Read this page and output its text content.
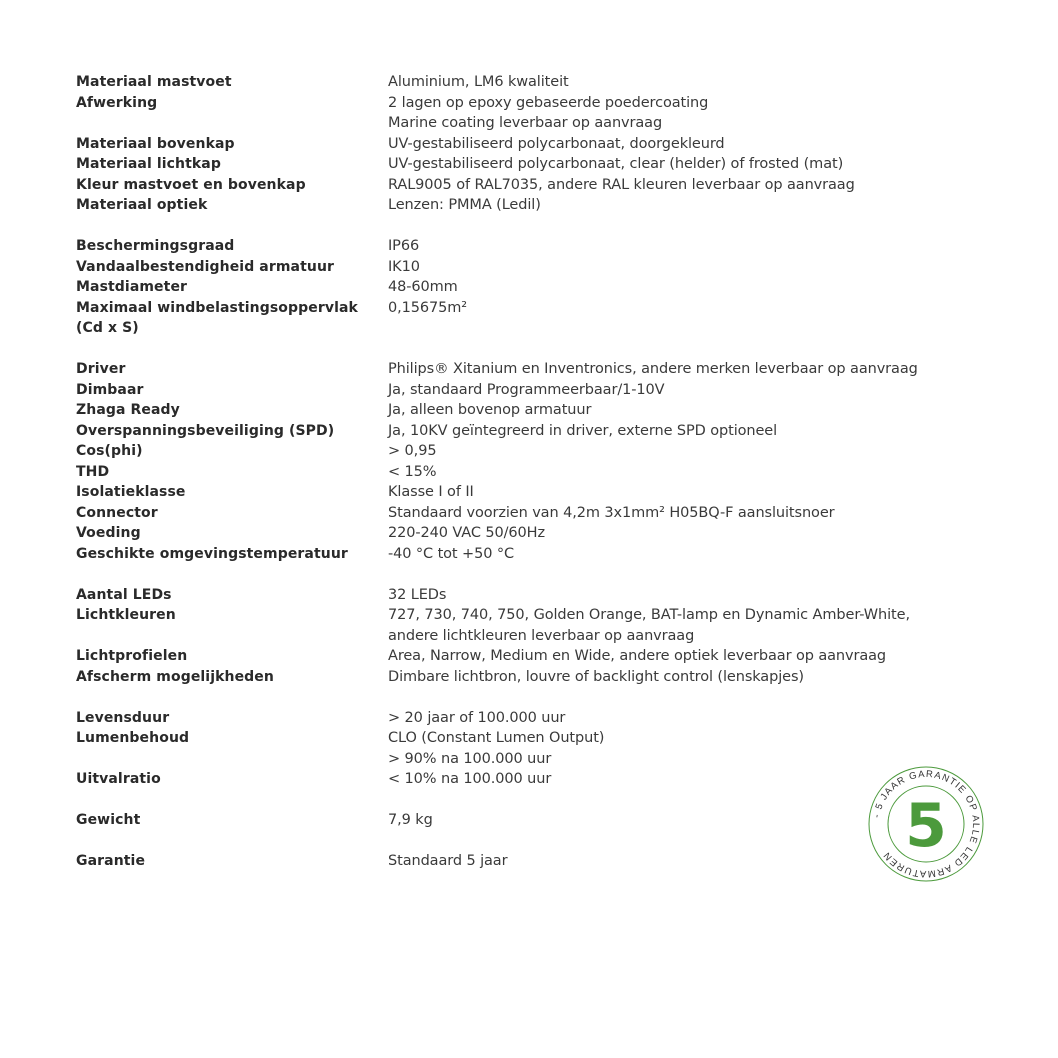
Materiaal mastvoet	Aluminium, LM6 kwaliteit
Afwerking	2 lagen op epoxy gebaseerde poedercoating
Marine coating leverbaar op aanvraag
Materiaal bovenkap	UV-gestabiliseerd polycarbonaat, doorgekleurd
Materiaal lichtkap	UV-gestabiliseerd polycarbonaat, clear (helder) of frosted (mat)
Kleur mastvoet en bovenkap	RAL9005 of RAL7035, andere RAL kleuren leverbaar op aanvraag
Materiaal optiek	Lenzen: PMMA (Ledil)
Beschermingsgraad	IP66
Vandaalbestendigheid armatuur	IK10
Mastdiameter	48-60mm
Maximaal windbelastingsoppervlak	0,15675m²
(Cd x S)
Driver	Philips® Xitanium en Inventronics, andere merken leverbaar op aanvraag
Dimbaar	Ja, standaard Programmeerbaar/1-10V
Zhaga Ready	Ja, alleen bovenop armatuur
Overspanningsbeveiliging (SPD)	Ja, 10KV geïntegreerd in driver, externe SPD optioneel
Cos(phi)	> 0,95
THD	< 15%
Isolatieklasse	Klasse I of II
Connector	Standaard voorzien van 4,2m 3x1mm² H05BQ-F aansluitsnoer
Voeding	220-240 VAC 50/60Hz
Geschikte omgevingstemperatuur	-40 °C tot +50 °C
Aantal LEDs	32 LEDs
Lichtkleuren	727, 730, 740, 750, Golden Orange, BAT-lamp en Dynamic Amber-White,
andere lichtkleuren leverbaar op aanvraag
Lichtprofielen	Area, Narrow, Medium en Wide, andere optiek leverbaar op aanvraag
Afscherm mogelijkheden	Dimbare lichtbron, louvre of backlight control (lenskapjes)
Levensduur	> 20 jaar of 100.000 uur
Lumenbehoud	CLO (Constant Lumen Output)
> 90% na 100.000 uur
Uitvalratio	< 10% na 100.000 uur
Gewicht	7,9 kg
Garantie	Standaard 5 jaar
- 5 JAAR GARANTIE OP ALLE LED ARMATUREN 5
